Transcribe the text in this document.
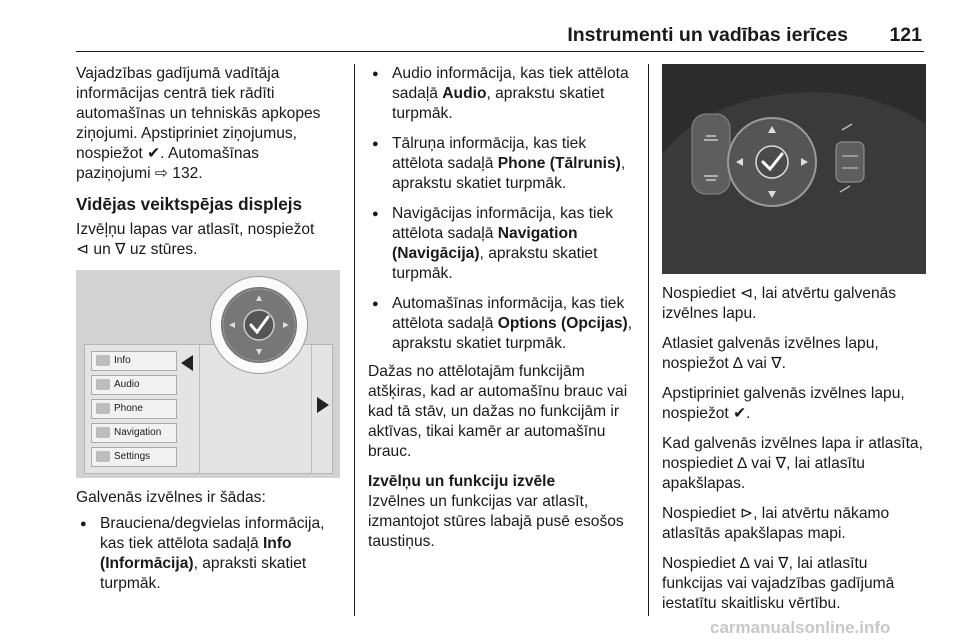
Instrumenti un vadības ierīces 121

Vajadzības gadījumā vadītāja
informācijas centrā tiek rādīti
automašīnas un tehniskās apkopes
ziņojumi. Apstipriniet ziņojumus,
nospiežot ✔. Automašīnas
paziņojumi ⇨ 132.

Vidējas veiktspējas displejs

Izvēļņu lapas var atlasīt, nospiežot
⊲ un ∇ uz stūres.

Info
Audio
Phone
Navigation
Settings

Galvenās izvēlnes ir šādas:

● Brauciena/degvielas informācija, kas tiek attēlota sadaļā Info (Informācija), apraksti skatiet turpmāk.
● Audio informācija, kas tiek attēlota sadaļā Audio, aprakstu skatiet turpmāk.
● Tālruņa informācija, kas tiek attēlota sadaļā Phone (Tālrunis), aprakstu skatiet turpmāk.
● Navigācijas informācija, kas tiek attēlota sadaļā Navigation (Navigācija), aprakstu skatiet turpmāk.
● Automašīnas informācija, kas tiek attēlota sadaļā Options (Opcijas), aprakstu skatiet turpmāk.

Dažas no attēlotajām funkcijām atšķiras, kad ar automašīnu brauc vai kad tā stāv, un dažas no funkcijām ir aktīvas, tikai kamēr ar automašīnu brauc.

Izvēlņu un funkciju izvēle

Izvēlnes un funkcijas var atlasīt, izmantojot stūres labajā pusē esošos taustiņus.

Nospiediet ⊲, lai atvērtu galvenās izvēlnes lapu.

Atlasiet galvenās izvēlnes lapu, nospiežot ∆ vai ∇.

Apstipriniet galvenās izvēlnes lapu, nospiežot ✔.

Kad galvenās izvēlnes lapa ir atlasīta, nospiediet ∆ vai ∇, lai atlasītu apakšlapas.

Nospiediet ⊳, lai atvērtu nākamo atlasītās apakšlapas mapi.

Nospiediet ∆ vai ∇, lai atlasītu funkcijas vai vajadzības gadījumā iestatītu skaitlisku vērtību.

carmanualsonline.info
